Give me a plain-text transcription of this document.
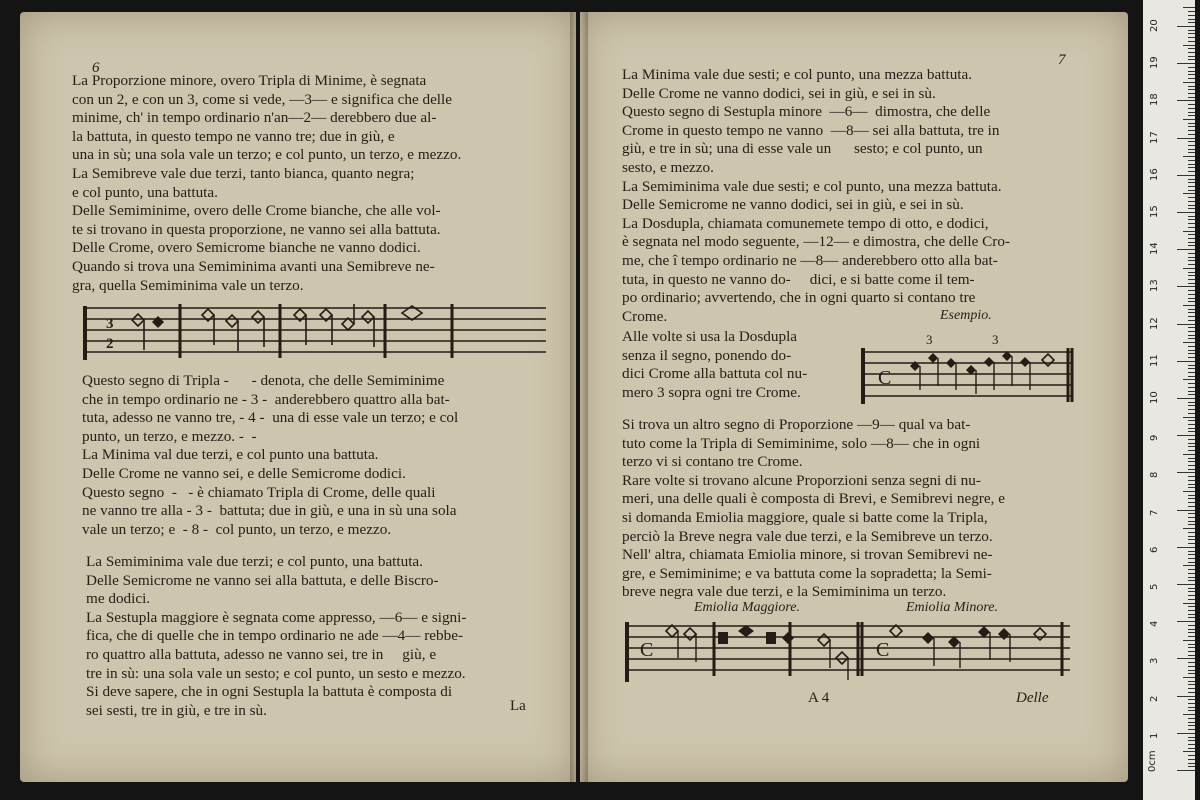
6

La Proporzione minore, overo Tripla di Minime, è segnata

con un 2, e con un 3, come si vede, —3— e significa che delle

minime, ch' in tempo ordinario n'an—2— derebbero due al-

la battuta, in questo tempo ne vanno tre; due in giù, e

una in sù; una sola vale un terzo; e col punto, un terzo, e mezzo.

La Semibreve vale due terzi, tanto bianca, quanto negra;

e col punto, una battuta.

Delle Semiminime, overo delle Crome bianche, che alle vol-

te si trovano in questa proporzione, ne vanno sei alla battuta.

Delle Crome, overo Semicrome bianche ne vanno dodici.

Quando si trova una Semiminima avanti una Semibreve ne-

gra, quella Semiminima vale un terzo.

3
2

Questo segno di Tripla -      - denota, che delle Semiminime

che in tempo ordinario ne - 3 -  anderebbero quattro alla bat-

tuta, adesso ne vanno tre, - 4 -  una di esse vale un terzo; e col

punto, un terzo, e mezzo. -  -

La Minima val due terzi, e col punto una battuta.

Delle Crome ne vanno sei, e delle Semicrome dodici.

Questo segno  -   - è chiamato Tripla di Crome, delle quali

ne vanno tre alla - 3 -  battuta; due in giù, e una in sù una sola

vale un terzo; e  - 8 -  col punto, un terzo, e mezzo.

La Semiminima vale due terzi; e col punto, una battuta.

Delle Semicrome ne vanno sei alla battuta, e delle Biscro-

me dodici.

La Sestupla maggiore è segnata come appresso, —6— e signi-

fica, che di quelle che in tempo ordinario ne ade —4— rebbe-

ro quattro alla battuta, adesso ne vanno sei, tre in     giù, e

tre in sù: una sola vale un sesto; e col punto, un sesto e mezzo.

Si deve sapere, che in ogni Sestupla la battuta è composta di

sei sesti, tre in giù, e tre in sù.	La
7

La Minima vale due sesti; e col punto, una mezza battuta.

Delle Crome ne vanno dodici, sei in giù, e sei in sù.

Questo segno di Sestupla minore  —6—  dimostra, che delle

Crome in questo tempo ne vanno  —8— sei alla battuta, tre in

giù, e tre in sù; una di esse vale un      sesto; e col punto, un

sesto, e mezzo.

La Semiminima vale due sesti; e col punto, una mezza battuta.

Delle Semicrome ne vanno dodici, sei in giù, e sei in sù.

La Dosdupla, chiamata comunemete tempo di otto, e dodici,

è segnata nel modo seguente, —12— e dimostra, che delle Cro-

me, che î tempo ordinario ne —8— anderebbero otto alla bat-

tuta, in questo ne vanno do-     dici, e si batte come il tem-

po ordinario; avvertendo, che in ogni quarto si contano tre

Crome.	Esempio.

Alle volte si usa la Dosdupla

senza il segno, ponendo do-

dici Crome alla battuta col nu-

mero 3 sopra ogni tre Crome.

3	3
C

Si trova un altro segno di Proporzione —9— qual va bat-

tuto come la Tripla di Semiminime, solo —8— che in ogni

terzo vi si contano tre Crome.

Rare volte si trovano alcune Proporzioni senza segni di nu-

meri, una delle quali è composta di Brevi, e Semibrevi negre, e

si domanda Emiolia maggiore, quale si batte come la Tripla,

perciò la Breve negra vale due terzi, e la Semibreve un terzo.

Nell' altra, chiamata Emiolia minore, si trovan Semibrevi ne-

gre, e Semiminime; e va battuta come la sopradetta; la Semi-

breve negra vale due terzi, e la Semiminima un terzo.

Emiolia Maggiore.	Emiolia Minore.
C	C
A 4	Delle
0cm
1
2
3
4
5
6
7
8
9
10
11
12
13
14
15
16
17
18
19
20
